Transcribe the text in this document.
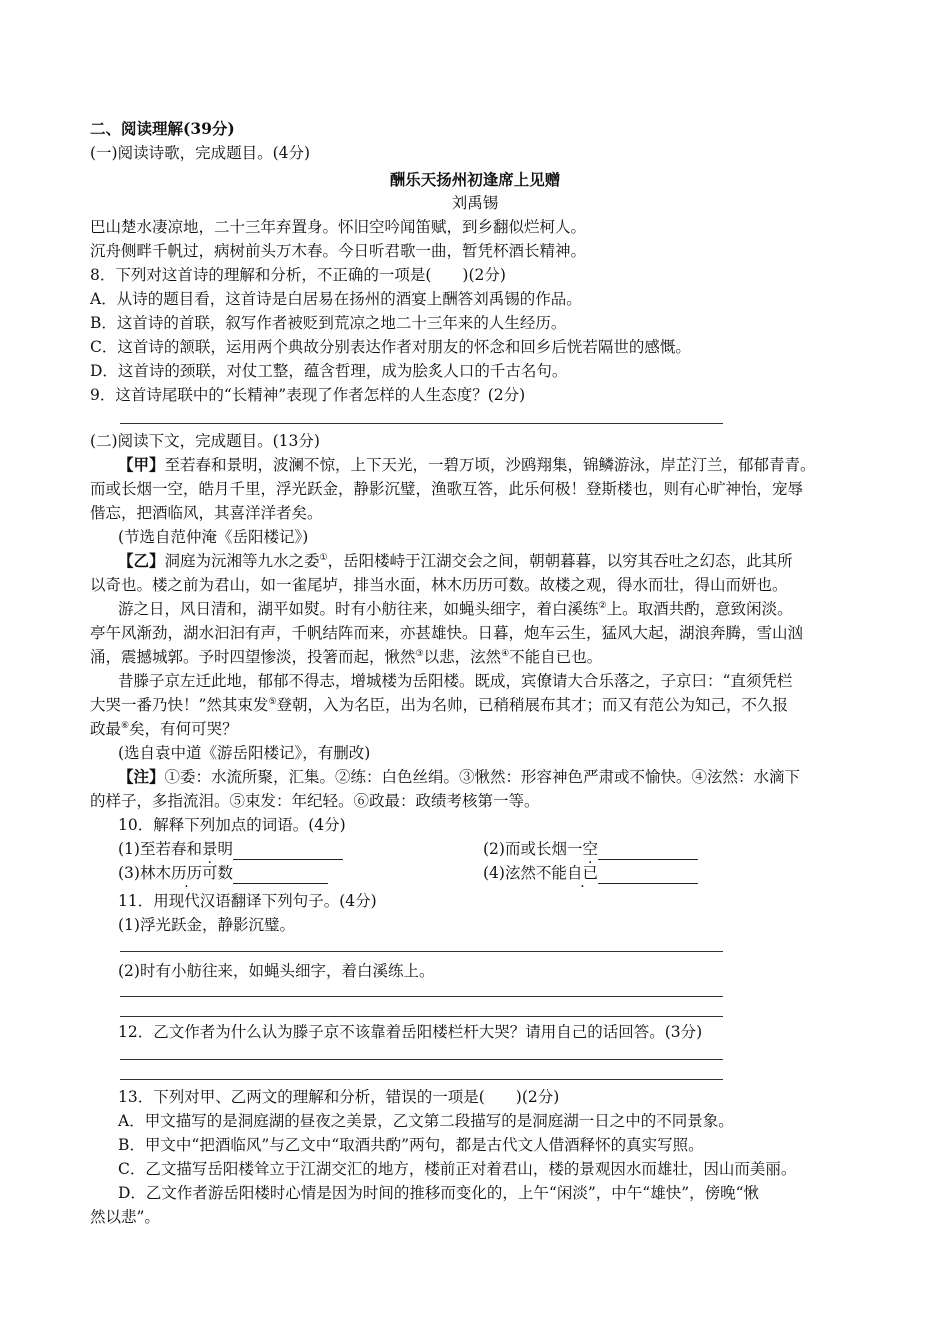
二、阅读理解(39分)
(一)阅读诗歌，完成题目。(4分)
酬乐天扬州初逢席上见赠
刘禹锡
巴山楚水凄凉地，二十三年弃置身。怀旧空吟闻笛赋，到乡翻似烂柯人。
沉舟侧畔千帆过，病树前头万木春。今日听君歌一曲，暂凭杯酒长精神。
8．下列对这首诗的理解和分析，不正确的一项是(　　)(2分)
A．从诗的题目看，这首诗是白居易在扬州的酒宴上酬答刘禹锡的作品。
B．这首诗的首联，叙写作者被贬到荒凉之地二十三年来的人生经历。
C．这首诗的颔联，运用两个典故分别表达作者对朋友的怀念和回乡后恍若隔世的感慨。
D．这首诗的颈联，对仗工整，蕴含哲理，成为脍炙人口的千古名句。
9．这首诗尾联中的“长精神”表现了作者怎样的人生态度？(2分)
(二)阅读下文，完成题目。(13分)
【甲】至若春和景明，波澜不惊，上下天光，一碧万顷，沙鸥翔集，锦鳞游泳，岸芷汀兰，郁郁青青。
而或长烟一空，皓月千里，浮光跃金，静影沉璧，渔歌互答，此乐何极！登斯楼也，则有心旷神怡，宠辱
偕忘，把酒临风，其喜洋洋者矣。
(节选自范仲淹《岳阳楼记》)
【乙】洞庭为沅湘等九水之委①，岳阳楼峙于江湖交会之间，朝朝暮暮，以穷其吞吐之幻态，此其所
以奇也。楼之前为君山，如一雀尾垆，排当水面，林木历历可数。故楼之观，得水而壮，得山而妍也。
游之日，风日清和，湖平如熨。时有小舫往来，如蝇头细字，着白溪练②上。取酒共酌，意致闲淡。
亭午风渐劲，湖水汩汩有声，千帆结阵而来，亦甚雄快。日暮，炮车云生，猛风大起，湖浪奔腾，雪山汹
涌，震撼城郭。予时四望惨淡，投箸而起，愀然③以悲，泫然④不能自已也。
昔滕子京左迁此地，郁郁不得志，增城楼为岳阳楼。既成，宾僚请大合乐落之，子京曰：“直须凭栏
大哭一番乃快！”然其束发⑤登朝，入为名臣，出为名帅，已稍稍展布其才；而又有范公为知己，不久报
政最⑥矣，有何可哭？
(选自袁中道《游岳阳楼记》，有删改)
【注】①委：水流所聚，汇集。②练：白色丝绢。③愀然：形容神色严肃或不愉快。④泫然：水滴下
的样子，多指流泪。⑤束发：年纪轻。⑥政最：政绩考核第一等。
10．解释下列加点的词语。(4分)
(1)至若春和景明	(2)而或长烟一空
(3)林木历历可数	(4)泫然不能自已
11．用现代汉语翻译下列句子。(4分)
(1)浮光跃金，静影沉璧。
(2)时有小舫往来，如蝇头细字，着白溪练上。
12．乙文作者为什么认为滕子京不该靠着岳阳楼栏杆大哭？请用自己的话回答。(3分)
13．下列对甲、乙两文的理解和分析，错误的一项是(　　)(2分)
A．甲文描写的是洞庭湖的昼夜之美景，乙文第二段描写的是洞庭湖一日之中的不同景象。
B．甲文中“把酒临风”与乙文中“取酒共酌”两句，都是古代文人借酒释怀的真实写照。
C．乙文描写岳阳楼耸立于江湖交汇的地方，楼前正对着君山，楼的景观因水而雄壮，因山而美丽。
D．乙文作者游岳阳楼时心情是因为时间的推移而变化的，上午“闲淡”，中午“雄快”，傍晚“愀
然以悲”。
